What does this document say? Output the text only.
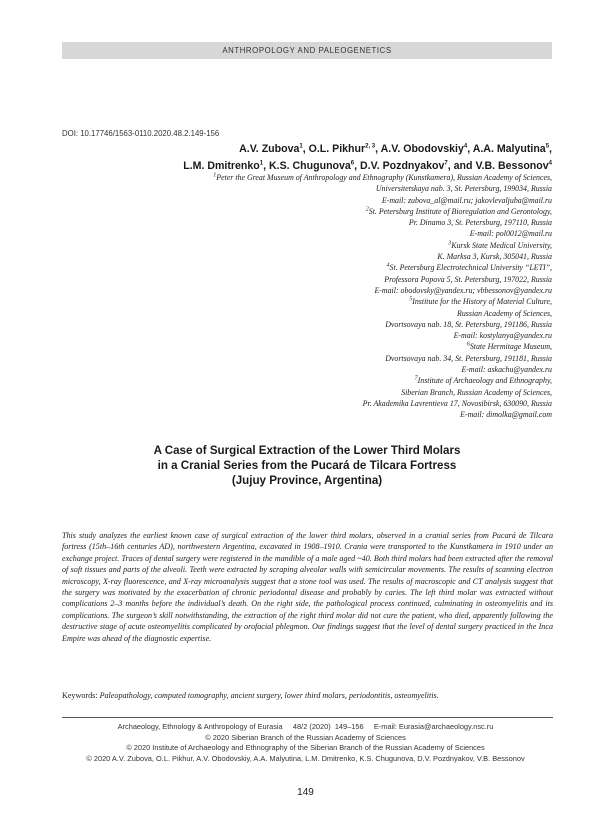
ANTHROPOLOGY AND PALEOGENETICS
DOI: 10.17746/1563-0110.2020.48.2.149-156
A.V. Zubova$^1$, O.L. Pikhur$^{2, 3}$, A.V. Obodovskiy$^4$, A.A. Malyutina$^5$,
L.M. Dmitrenko$^1$, K.S. Chugunova$^6$, D.V. Pozdnyakov$^7$, and V.B. Bessonov$^4$
$^1$Peter the Great Museum of Anthropology and Ethnography (Kunstkamera), Russian Academy of Sciences,
Universitetskaya nab. 3, St. Petersburg, 199034, Russia
E-mail: zubova_al@mail.ru; jakovlevaljuba@mail.ru
$^2$St. Petersburg Institute of Bioregulation and Gerontology,
Pr. Dinamo 3, St. Petersburg, 197110, Russia
E-mail: pol0012@mail.ru
$^3$Kursk State Medical University,
K. Marksa 3, Kursk, 305041, Russia
$^4$St. Petersburg Electrotechnical University “LETI”,
Professora Popova 5, St. Petersburg, 197022, Russia
E-mail: obodovsky@yandex.ru; vbbessonov@yandex.ru
$^5$Institute for the History of Material Culture,
Russian Academy of Sciences,
Dvortsovaya nab. 18, St. Petersburg, 191186, Russia
E-mail: kostylanya@yandex.ru
$^6$State Hermitage Museum,
Dvortsovaya nab. 34, St. Petersburg, 191181, Russia
E-mail: askachu@yandex.ru
$^7$Institute of Archaeology and Ethnography,
Siberian Branch, Russian Academy of Sciences,
Pr. Akademika Lavrentieva 17, Novosibirsk, 630090, Russia
E-mail: dimolka@gmail.com
A Case of Surgical Extraction of the Lower Third Molars
in a Cranial Series from the Pucará de Tilcara Fortress
(Jujuy Province, Argentina)
This study analyzes the earliest known case of surgical extraction of the lower third molars, observed in a cranial series from Pucará de Tilcara fortress (15th–16th centuries AD), northwestern Argentina, excavated in 1908–1910. Crania were transported to the Kunstkamera in 1910 under an exchange project. Traces of dental surgery were registered in the mandible of a male aged ~40. Both third molars had been extracted after the removal of soft tissues and parts of the alveoli. Teeth were extracted by scraping alveolar walls with semicircular movements. The results of scanning electron microscopy, X-ray fluorescence, and X-ray microanalysis suggest that a stone tool was used. The results of macroscopic and CT analysis suggest that the surgery was motivated by the exacerbation of chronic periodontal disease and probably by caries. The left third molar was extracted without complications 2–3 months before the individual’s death. On the right side, the pathological process continued, culminating in osteomyelitis and its complications. The surgeon’s skill notwithstanding, the extraction of the right third molar did not cure the patient, who died, apparently following the destructive stage of acute osteomyelitis complicated by orofacial phlegmon. Our findings suggest that the level of dental surgery practiced in the Inca Empire was ahead of the diagnostic expertise.
Keywords: Paleopathology, computed tomography, ancient surgery, lower third molars, periodontitis, osteomyelitis.
Archaeology, Ethnology & Anthropology of Eurasia     48/2 (2020)  149–156     E-mail: Eurasia@archaeology.nsc.ru
© 2020 Siberian Branch of the Russian Academy of Sciences
© 2020 Institute of Archaeology and Ethnography of the Siberian Branch of the Russian Academy of Sciences
© 2020 A.V. Zubova, O.L. Pikhur, A.V. Obodovskiy, A.A. Malyutina, L.M. Dmitrenko, K.S. Chugunova, D.V. Pozdnyakov, V.B. Bessonov
149
